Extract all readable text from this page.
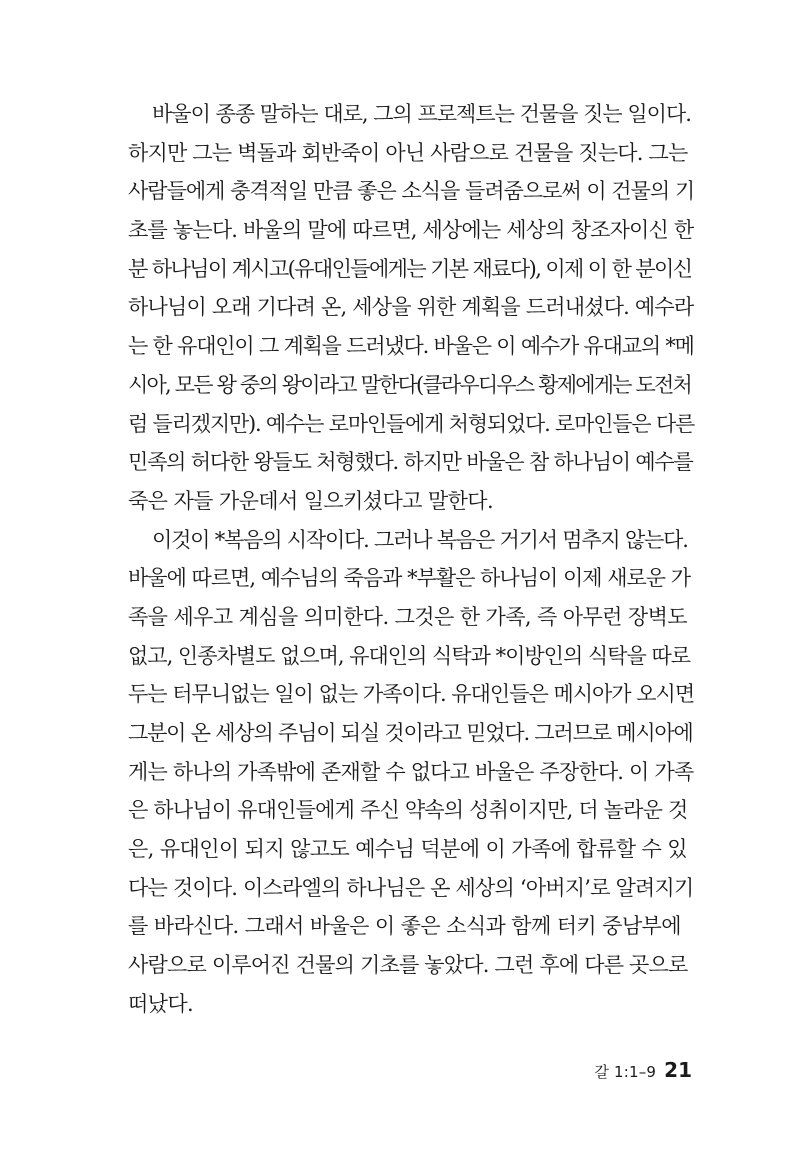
바울이 종종 말하는 대로, 그의 프로젝트는 건물을 짓는 일이다.
하지만 그는 벽돌과 회반죽이 아닌 사람으로 건물을 짓는다. 그는
사람들에게 충격적일 만큼 좋은 소식을 들려줌으로써 이 건물의 기
초를 놓는다. 바울의 말에 따르면, 세상에는 세상의 창조자이신 한
분 하나님이 계시고(유대인들에게는 기본 재료다), 이제 이 한 분이신
하나님이 오래 기다려 온, 세상을 위한 계획을 드러내셨다. 예수라
는 한 유대인이 그 계획을 드러냈다. 바울은 이 예수가 유대교의 *메
시아, 모든 왕 중의 왕이라고 말한다(클라우디우스 황제에게는 도전처
럼 들리겠지만). 예수는 로마인들에게 처형되었다. 로마인들은 다른
민족의 허다한 왕들도 처형했다. 하지만 바울은 참 하나님이 예수를
죽은 자들 가운데서 일으키셨다고 말한다.
이것이 *복음의 시작이다. 그러나 복음은 거기서 멈추지 않는다.
바울에 따르면, 예수님의 죽음과 *부활은 하나님이 이제 새로운 가
족을 세우고 계심을 의미한다. 그것은 한 가족, 즉 아무런 장벽도
없고, 인종차별도 없으며, 유대인의 식탁과 *이방인의 식탁을 따로
두는 터무니없는 일이 없는 가족이다. 유대인들은 메시아가 오시면
그분이 온 세상의 주님이 되실 것이라고 믿었다. 그러므로 메시아에
게는 하나의 가족밖에 존재할 수 없다고 바울은 주장한다. 이 가족
은 하나님이 유대인들에게 주신 약속의 성취이지만, 더 놀라운 것
은, 유대인이 되지 않고도 예수님 덕분에 이 가족에 합류할 수 있
다는 것이다. 이스라엘의 하나님은 온 세상의 ‘아버지’로 알려지기
를 바라신다. 그래서 바울은 이 좋은 소식과 함께 터키 중남부에
사람으로 이루어진 건물의 기초를 놓았다. 그런 후에 다른 곳으로
떠났다.
갈 1:1–9 21
